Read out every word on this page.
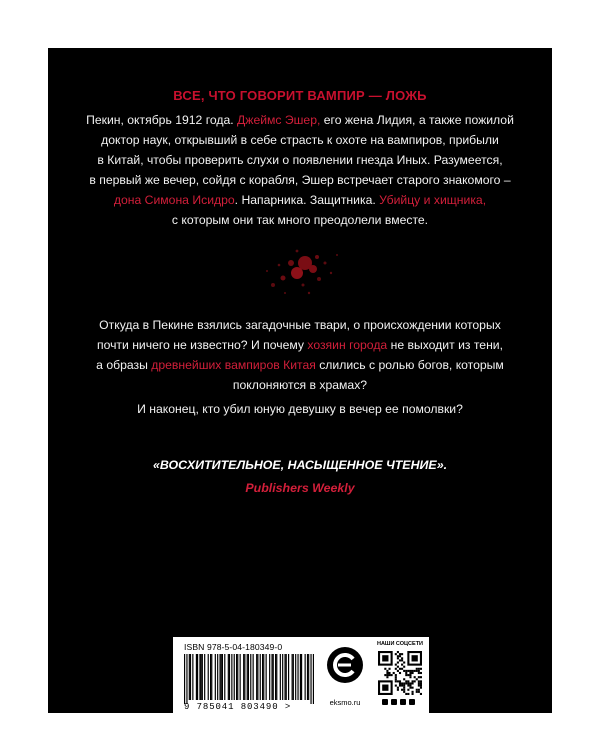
ВСЕ, ЧТО ГОВОРИТ ВАМПИР — ЛОЖЬ
Пекин, октябрь 1912 года. Джеймс Эшер, его жена Лидия, а также пожилой
доктор наук, открывший в себе страсть к охоте на вампиров, прибыли
в Китай, чтобы проверить слухи о появлении гнезда Иных. Разумеется,
в первый же вечер, сойдя с корабля, Эшер встречает старого знакомого –
дона Симона Исидро. Напарника. Защитника. Убийцу и хищника,
с которым они так много преодолели вместе.
Откуда в Пекине взялись загадочные твари, о происхождении которых
почти ничего не известно? И почему хозяин города не выходит из тени,
а образы древнейших вампиров Китая слились с ролью богов, которым
поклоняются в храмах?
И наконец, кто убил юную девушку в вечер ее помолвки?
«ВОСХИТИТЕЛЬНОЕ, НАСЫЩЕННОЕ ЧТЕНИЕ».
Publishers Weekly
ISBN 978-5-04-180349-0
9 785041 803490 >	eksmo.ru
НАШИ СОЦСЕТИ
